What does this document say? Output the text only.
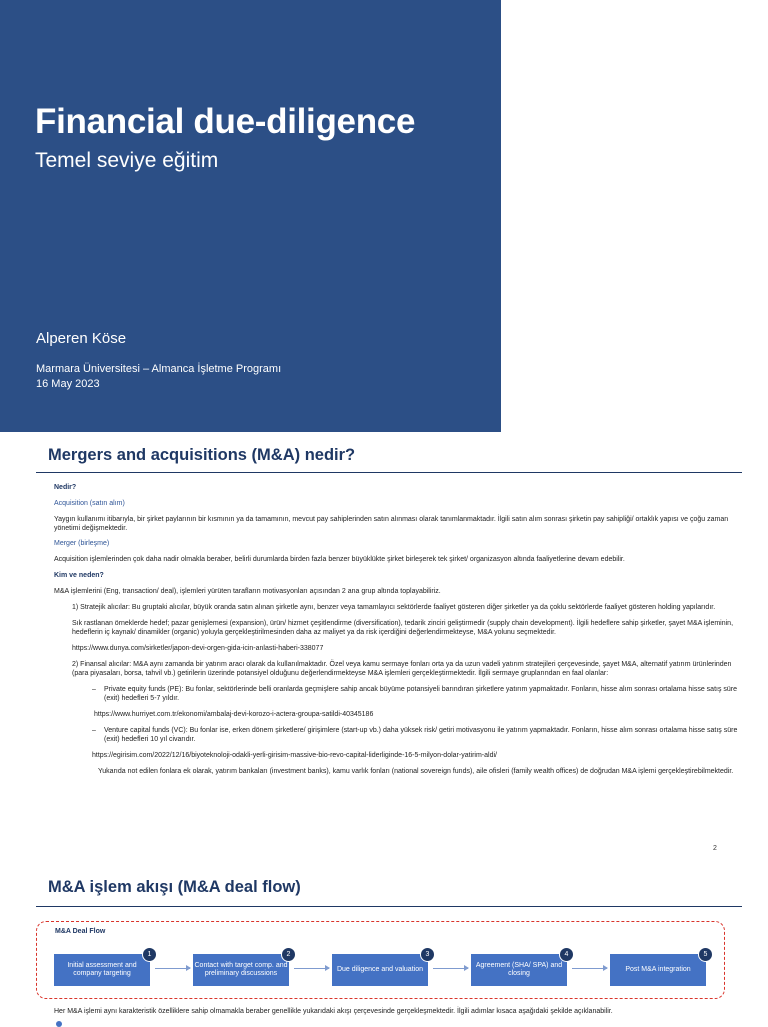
Financial due-diligence
Temel seviye eğitim
Alperen Köse
Marmara Üniversitesi – Almanca İşletme Programı
16 May 2023
Mergers and acquisitions (M&A) nedir?

Nedir?

Acquisition (satın alım)

Yaygın kullanımı itibarıyla, bir şirket paylarının bir kısmının ya da tamamının, mevcut pay sahiplerinden satın alınması olarak tanımlanmaktadır. İlgili satın alım sonrası şirketin pay sahipliği/ ortaklık yapısı ve çoğu zaman yönetimi değişmektedir.

Merger (birleşme)

Acquisition işlemlerinden çok daha nadir olmakla beraber, belirli durumlarda birden fazla benzer büyüklükte şirket birleşerek tek şirket/ organizasyon altında faaliyetlerine devam edebilir.

Kim ve neden?

M&A işlemlerini (Eng, transaction/ deal), işlemleri yürüten tarafların motivasyonları açısından 2 ana grup altında toplayabiliriz.

1) Stratejik alıcılar: Bu gruptaki alıcılar, büyük oranda satın alınan şirketle aynı, benzer veya tamamlayıcı sektörlerde faaliyet gösteren diğer şirketler ya da çoklu sektörlerde faaliyet gösteren holding yapılarıdır.

Sık rastlanan örneklerde hedef; pazar genişlemesi (expansion), ürün/ hizmet çeşitlendirme (diversification), tedarik zinciri geliştirmedir (supply chain development). İlgili hedeflere sahip şirketler, şayet M&A işleminin, hedeflerin iç kaynak/ dinamikler (organic) yoluyla gerçekleştirilmesinden daha az maliyet ya da risk içerdiğini değerlendirmekteyse, M&A yolunu seçmektedir.

https://www.dunya.com/sirketler/japon-devi-orgen-gida-icin-anlasti-haberi-338077

2) Finansal alıcılar: M&A aynı zamanda bir yatırım aracı olarak da kullanılmaktadır. Özel veya kamu sermaye fonları orta ya da uzun vadeli yatırım stratejileri çerçevesinde, şayet M&A, alternatif yatırım ürünlerinden (para piyasaları, borsa, tahvil vb.) getirilerin üzerinde potansiyel olduğunu değerlendirmekteyse M&A işlemleri gerçekleştirmektedir. İlgili sermaye gruplarından en faal olanlar:

– Private equity funds (PE): Bu fonlar, sektörlerinde belli oranlarda geçmişlere sahip ancak büyüme potansiyeli barındıran şirketlere yatırım yapmaktadır. Fonların, hisse alım sonrası ortalama hisse satış süre (exit) hedefleri 5-7 yıldır.

https://www.hurriyet.com.tr/ekonomi/ambalaj-devi-korozo-i-actera-groupa-satildi-40345186

– Venture capital funds (VC): Bu fonlar ise, erken dönem şirketlere/ girişimlere (start-up vb.) daha yüksek risk/ getiri motivasyonu ile yatırım yapmaktadır. Fonların, hisse alım sonrası ortalama hisse satış süre (exit) hedefleri 10 yıl civarıdır.

https://egirisim.com/2022/12/16/biyoteknoloji-odakli-yerli-girisim-massive-bio-revo-capital-liderliginde-16-5-milyon-dolar-yatirim-aldi/

Yukarıda not edilen fonlara ek olarak, yatırım bankaları (investment banks), kamu varlık fonları (national sovereign funds), aile ofisleri (family wealth offices) de doğrudan M&A işlemi gerçekleştirebilmektedir.

2
M&A işlem akışı (M&A deal flow)
M&A Deal Flow
Initial assessment and company targeting
1
Contact with target comp. and preliminary discussions
2
Due diligence and valuation
3
Agreement (SHA/ SPA) and closing
4
Post M&A integration
5
Her M&A işlemi aynı karakteristik özelliklere sahip olmamakla beraber genellikle yukarıdaki akışı çerçevesinde gerçekleşmektedir. İlgili adımlar kısaca aşağıdaki şekilde açıklanabilir.
